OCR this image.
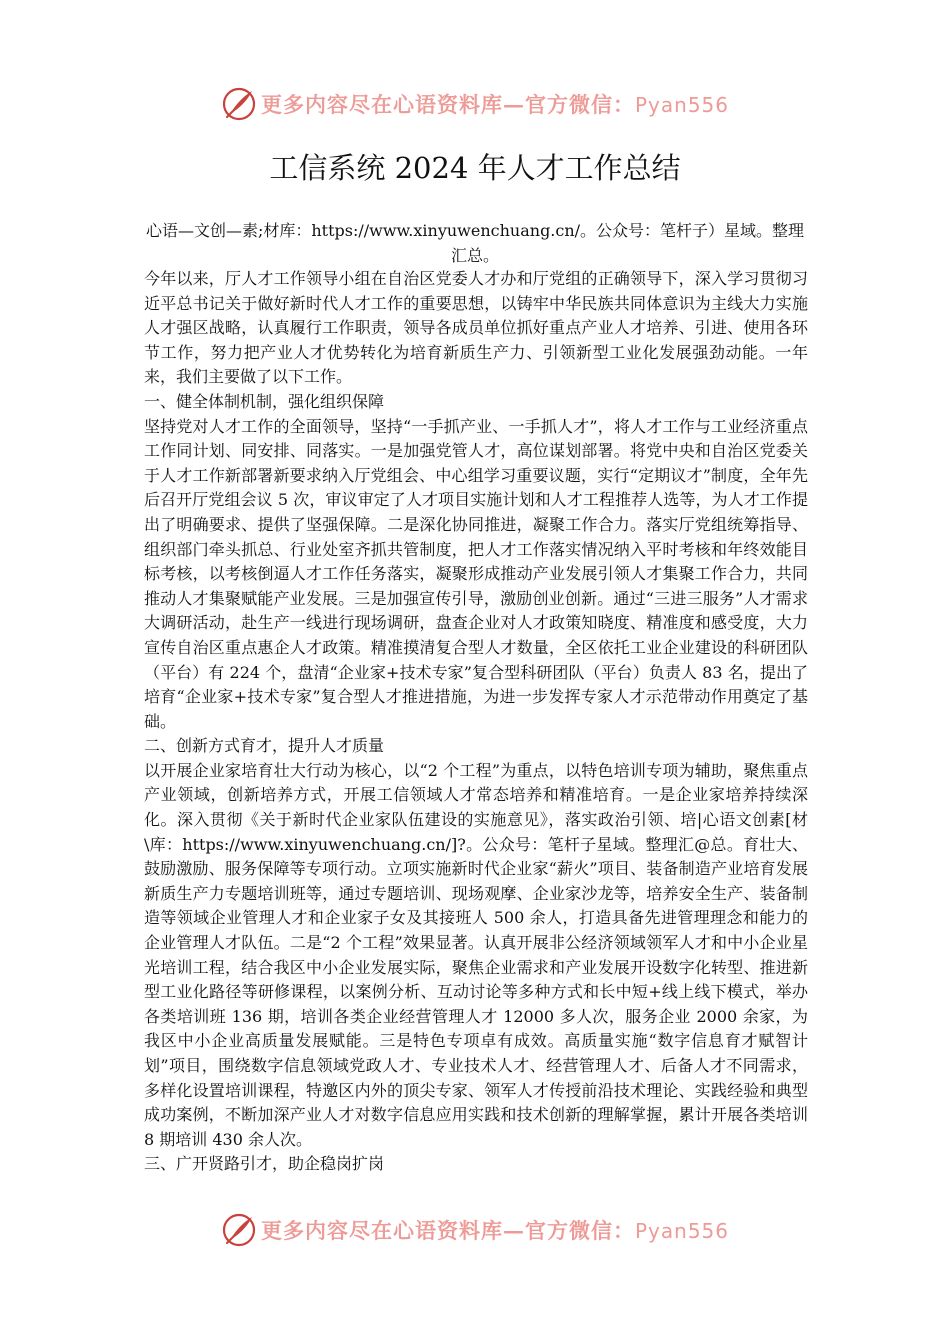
更多内容尽在心语资料库—官方微信：Pyan556
工信系统 2024 年人才工作总结
心语—文创—素;材库：https://www.xinyuwenchuang.cn/。公众号：笔杆子）星域。整理汇总。

今年以来，厅人才工作领导小组在自治区党委人才办和厅党组的正确领导下，深入学习贯彻习近平总书记关于做好新时代人才工作的重要思想，以铸牢中华民族共同体意识为主线大力实施人才强区战略，认真履行工作职责，领导各成员单位抓好重点产业人才培养、引进、使用各环节工作，努力把产业人才优势转化为培育新质生产力、引领新型工业化发展强劲动能。一年来，我们主要做了以下工作。

一、健全体制机制，强化组织保障

坚持党对人才工作的全面领导，坚持“一手抓产业、一手抓人才”，将人才工作与工业经济重点工作同计划、同安排、同落实。一是加强党管人才，高位谋划部署。将党中央和自治区党委关于人才工作新部署新要求纳入厅党组会、中心组学习重要议题，实行“定期议才”制度，全年先后召开厅党组会议 5 次，审议审定了人才项目实施计划和人才工程推荐人选等，为人才工作提出了明确要求、提供了坚强保障。二是深化协同推进，凝聚工作合力。落实厅党组统筹指导、组织部门牵头抓总、行业处室齐抓共管制度，把人才工作落实情况纳入平时考核和年终效能目标考核，以考核倒逼人才工作任务落实，凝聚形成推动产业发展引领人才集聚工作合力，共同推动人才集聚赋能产业发展。三是加强宣传引导，激励创业创新。通过“三进三服务”人才需求大调研活动，赴生产一线进行现场调研，盘查企业对人才政策知晓度、精准度和感受度，大力宣传自治区重点惠企人才政策。精准摸清复合型人才数量，全区依托工业企业建设的科研团队（平台）有 224 个，盘清“企业家+技术专家”复合型科研团队（平台）负责人 83 名，提出了培育“企业家+技术专家”复合型人才推进措施，为进一步发挥专家人才示范带动作用奠定了基础。

二、创新方式育才，提升人才质量

以开展企业家培育壮大行动为核心，以“2 个工程”为重点，以特色培训专项为辅助，聚焦重点产业领域，创新培养方式，开展工信领域人才常态培养和精准培育。一是企业家培养持续深化。深入贯彻《关于新时代企业家队伍建设的实施意见》，落实政治引领、培|心语文创素[材\库：https://www.xinyuwenchuang.cn/]?。公众号：笔杆子星域。整理汇@总。育壮大、鼓励激励、服务保障等专项行动。立项实施新时代企业家“薪火”项目、装备制造产业培育发展新质生产力专题培训班等，通过专题培训、现场观摩、企业家沙龙等，培养安全生产、装备制造等领域企业管理人才和企业家子女及其接班人 500 余人，打造具备先进管理理念和能力的企业管理人才队伍。二是“2 个工程”效果显著。认真开展非公经济领域领军人才和中小企业星光培训工程，结合我区中小企业发展实际，聚焦企业需求和产业发展开设数字化转型、推进新型工业化路径等研修课程，以案例分析、互动讨论等多种方式和长中短+线上线下模式，举办各类培训班 136 期，培训各类企业经营管理人才 12000 多人次，服务企业 2000 余家，为我区中小企业高质量发展赋能。三是特色专项卓有成效。高质量实施“数字信息育才赋智计划”项目，围绕数字信息领域党政人才、专业技术人才、经营管理人才、后备人才不同需求，多样化设置培训课程，特邀区内外的顶尖专家、领军人才传授前沿技术理论、实践经验和典型成功案例，不断加深产业人才对数字信息应用实践和技术创新的理解掌握，累计开展各类培训 8 期培训 430 余人次。

三、广开贤路引才，助企稳岗扩岗

更多内容尽在心语资料库—官方微信：Pyan556
